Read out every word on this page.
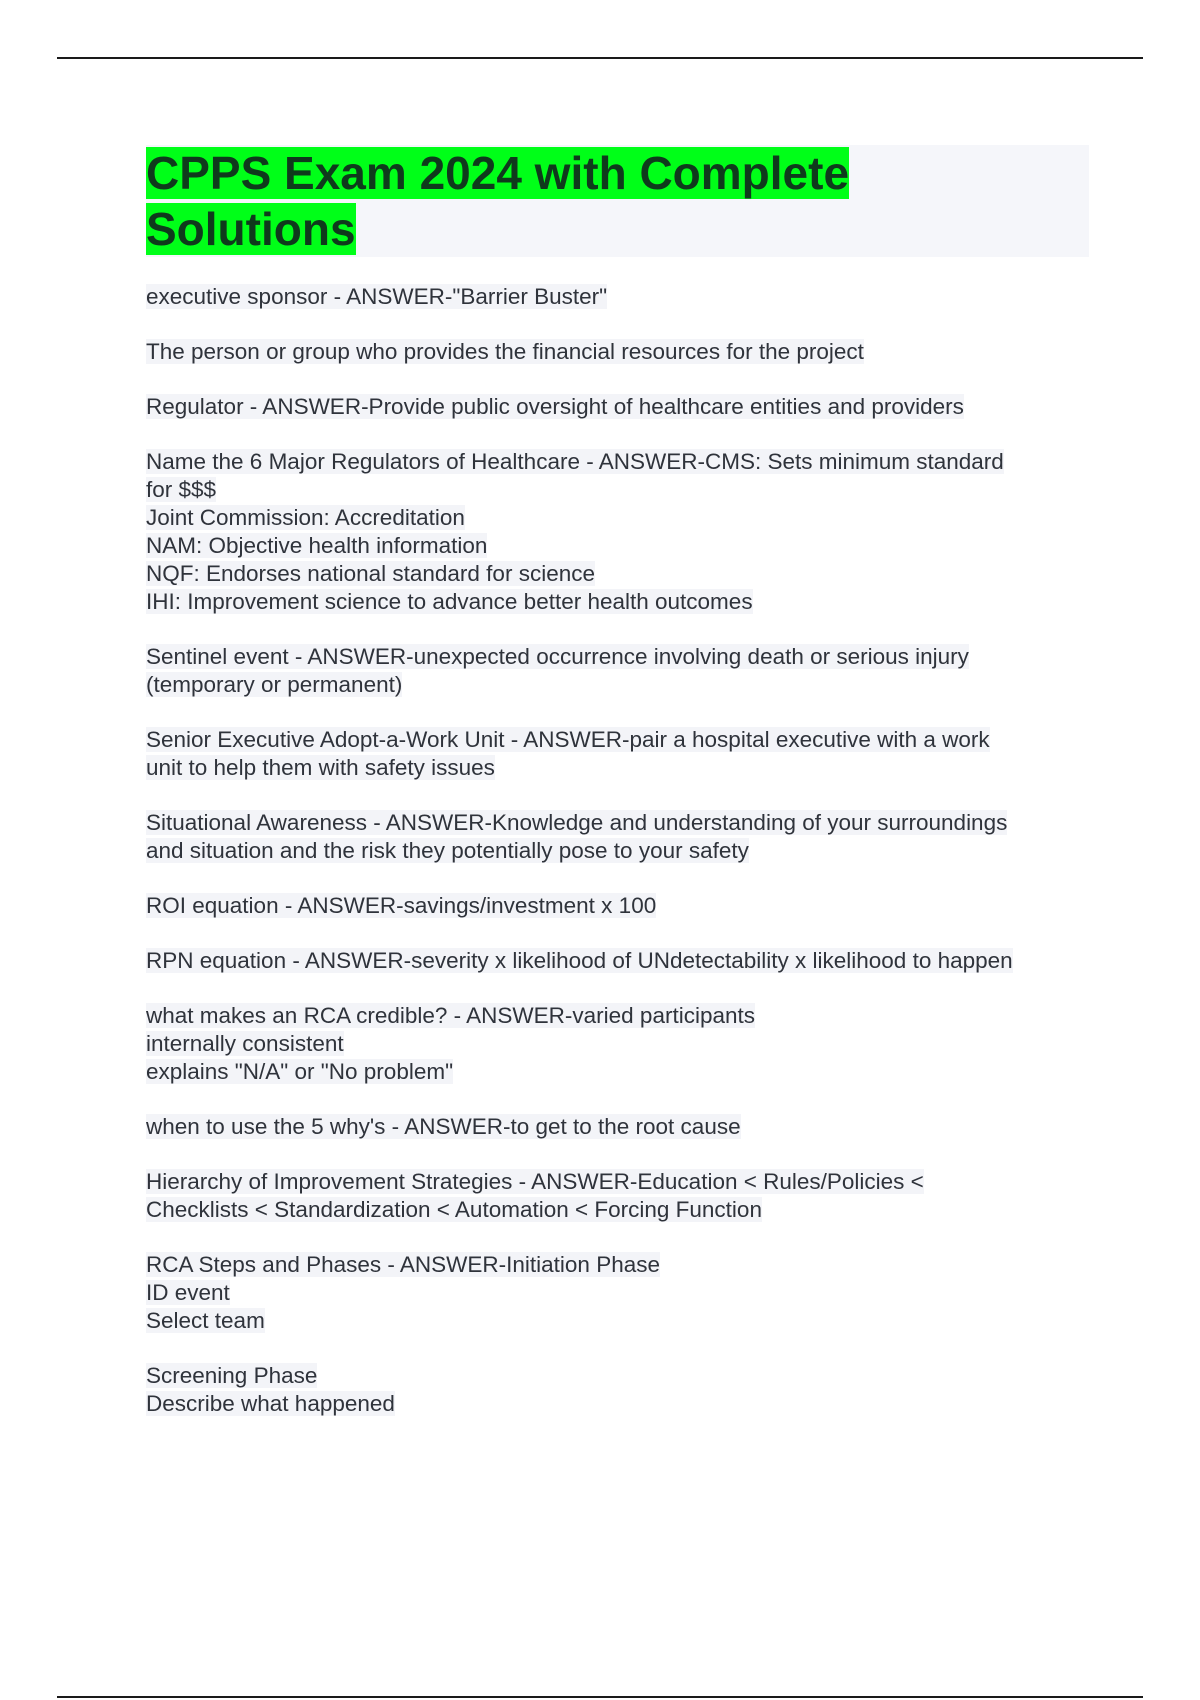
CPPS Exam 2024 with Complete
Solutions
executive sponsor - ANSWER-"Barrier Buster"
The person or group who provides the financial resources for the project
Regulator - ANSWER-Provide public oversight of healthcare entities and providers
Name the 6 Major Regulators of Healthcare - ANSWER-CMS: Sets minimum standard
for $$$
Joint Commission: Accreditation
NAM: Objective health information
NQF: Endorses national standard for science
IHI: Improvement science to advance better health outcomes
Sentinel event - ANSWER-unexpected occurrence involving death or serious injury
(temporary or permanent)
Senior Executive Adopt-a-Work Unit - ANSWER-pair a hospital executive with a work
unit to help them with safety issues
Situational Awareness - ANSWER-Knowledge and understanding of your surroundings
and situation and the risk they potentially pose to your safety
ROI equation - ANSWER-savings/investment x 100
RPN equation - ANSWER-severity x likelihood of UNdetectability x likelihood to happen
what makes an RCA credible? - ANSWER-varied participants
internally consistent
explains "N/A" or "No problem"
when to use the 5 why's - ANSWER-to get to the root cause
Hierarchy of Improvement Strategies - ANSWER-Education < Rules/Policies <
Checklists < Standardization < Automation < Forcing Function
RCA Steps and Phases - ANSWER-Initiation Phase
ID event
Select team
Screening Phase
Describe what happened
